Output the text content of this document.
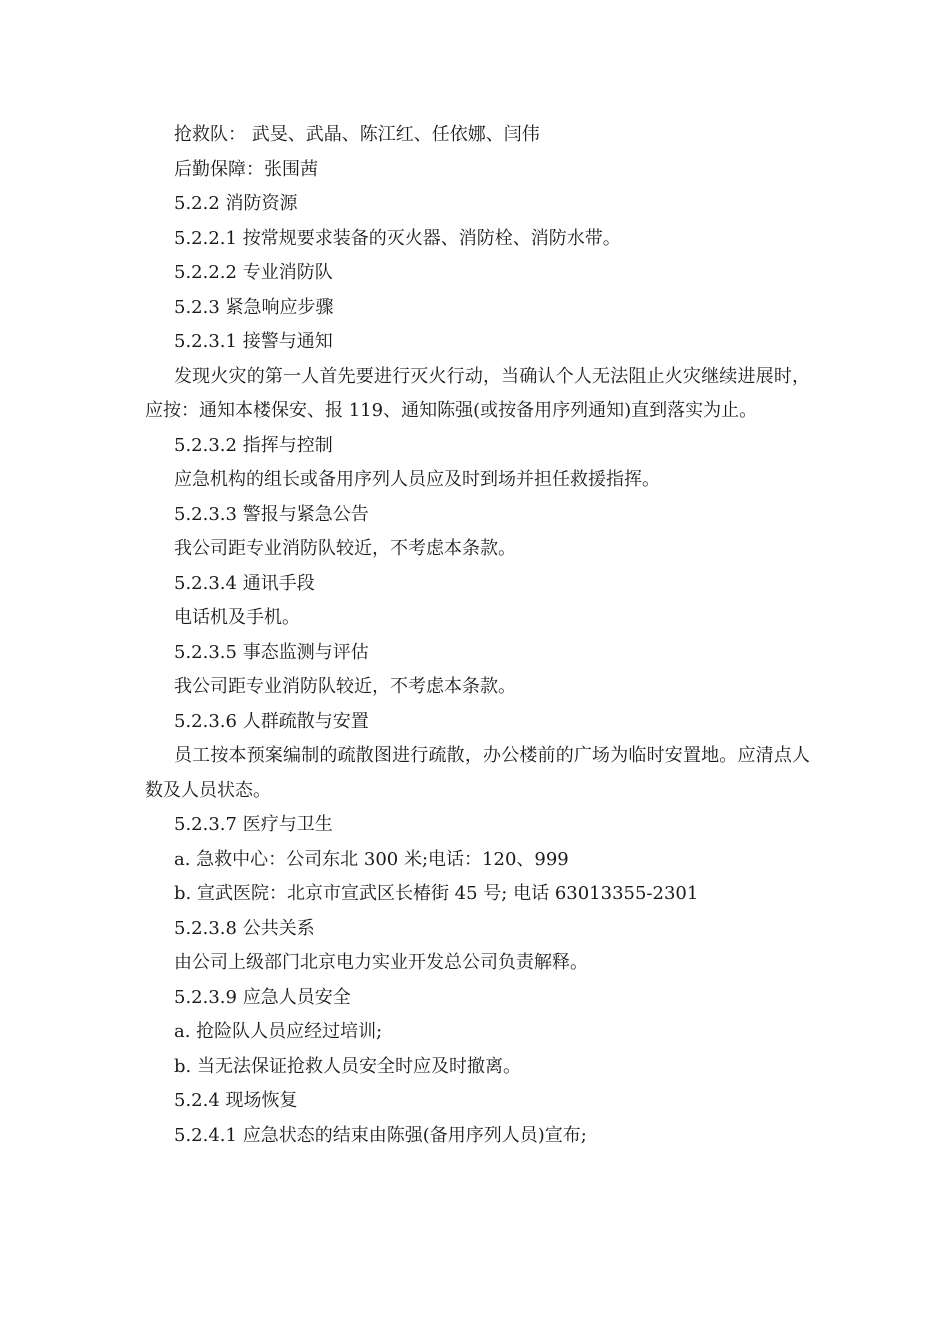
抢救队： 武旻、武晶、陈江红、任依娜、闫伟

后勤保障：张围茜

5.2.2 消防资源

5.2.2.1 按常规要求装备的灭火器、消防栓、消防水带。

5.2.2.2 专业消防队

5.2.3 紧急响应步骤

5.2.3.1 接警与通知

发现火灾的第一人首先要进行灭火行动，当确认个人无法阻止火灾继续进展时，应按：通知本楼保安、报 119、通知陈强(或按备用序列通知)直到落实为止。

5.2.3.2 指挥与控制

应急机构的组长或备用序列人员应及时到场并担任救援指挥。

5.2.3.3 警报与紧急公告

我公司距专业消防队较近，不考虑本条款。

5.2.3.4 通讯手段

电话机及手机。

5.2.3.5 事态监测与评估

我公司距专业消防队较近，不考虑本条款。

5.2.3.6 人群疏散与安置

员工按本预案编制的疏散图进行疏散，办公楼前的广场为临时安置地。应清点人数及人员状态。

5.2.3.7 医疗与卫生

a. 急救中心：公司东北 300 米;电话：120、999

b. 宣武医院：北京市宣武区长椿街 45 号; 电话 63013355-2301

5.2.3.8 公共关系

由公司上级部门北京电力实业开发总公司负责解释。

5.2.3.9 应急人员安全

a. 抢险队人员应经过培训;

b. 当无法保证抢救人员安全时应及时撤离。

5.2.4 现场恢复

5.2.4.1 应急状态的结束由陈强(备用序列人员)宣布;
